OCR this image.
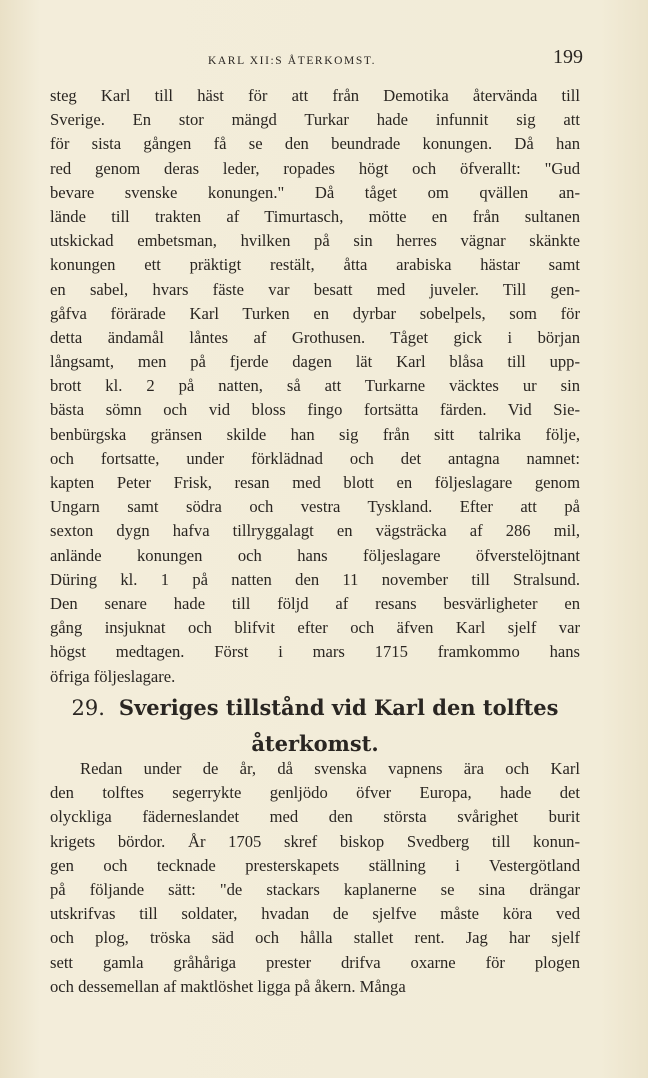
KARL XII:S ÅTERKOMST.	199
steg Karl till häst för att från Demotika återvända till
Sverige. En stor mängd Turkar hade infunnit sig att
för sista gången få se den beundrade konungen. Då han
red genom deras leder, ropades högt och öfverallt: "Gud
bevare svenske konungen." Då tåget om qvällen an-
lände till trakten af Timurtasch, mötte en från sultanen
utskickad embetsman, hvilken på sin herres vägnar skänkte
konungen ett präktigt restält, åtta arabiska hästar samt
en sabel, hvars fäste var besatt med juveler. Till gen-
gåfva förärade Karl Turken en dyrbar sobelpels, som för
detta ändamål låntes af Grothusen. Tåget gick i början
långsamt, men på fjerde dagen lät Karl blåsa till upp-
brott kl. 2 på natten, så att Turkarne väcktes ur sin
bästa sömn och vid bloss fingo fortsätta färden. Vid Sie-
benbürgska gränsen skilde han sig från sitt talrika följe,
och fortsatte, under förklädnad och det antagna namnet:
kapten Peter Frisk, resan med blott en följeslagare genom
Ungarn samt södra och vestra Tyskland. Efter att på
sexton dygn hafva tillryggalagt en vägsträcka af 286 mil,
anlände konungen och hans följeslagare öfverstelöjtnant
Düring kl. 1 på natten den 11 november till Stralsund.
Den senare hade till följd af resans besvärligheter en
gång insjuknat och blifvit efter och äfven Karl sjelf var
högst medtagen. Först i mars 1715 framkommo hans
öfriga följeslagare.
29. Sveriges tillstånd vid Karl den tolftes
återkomst.
Redan under de år, då svenska vapnens ära och Karl
den tolftes segerrykte genljödo öfver Europa, hade det
olyckliga fäderneslandet med den största svårighet burit
krigets bördor. År 1705 skref biskop Svedberg till konun-
gen och tecknade presterskapets ställning i Vestergötland
på följande sätt: "de stackars kaplanerne se sina drängar
utskrifvas till soldater, hvadan de sjelfve måste köra ved
och plog, tröska säd och hålla stallet rent. Jag har sjelf
sett gamla gråhåriga prester drifva oxarne för plogen
och dessemellan af maktlöshet ligga på åkern. Många
